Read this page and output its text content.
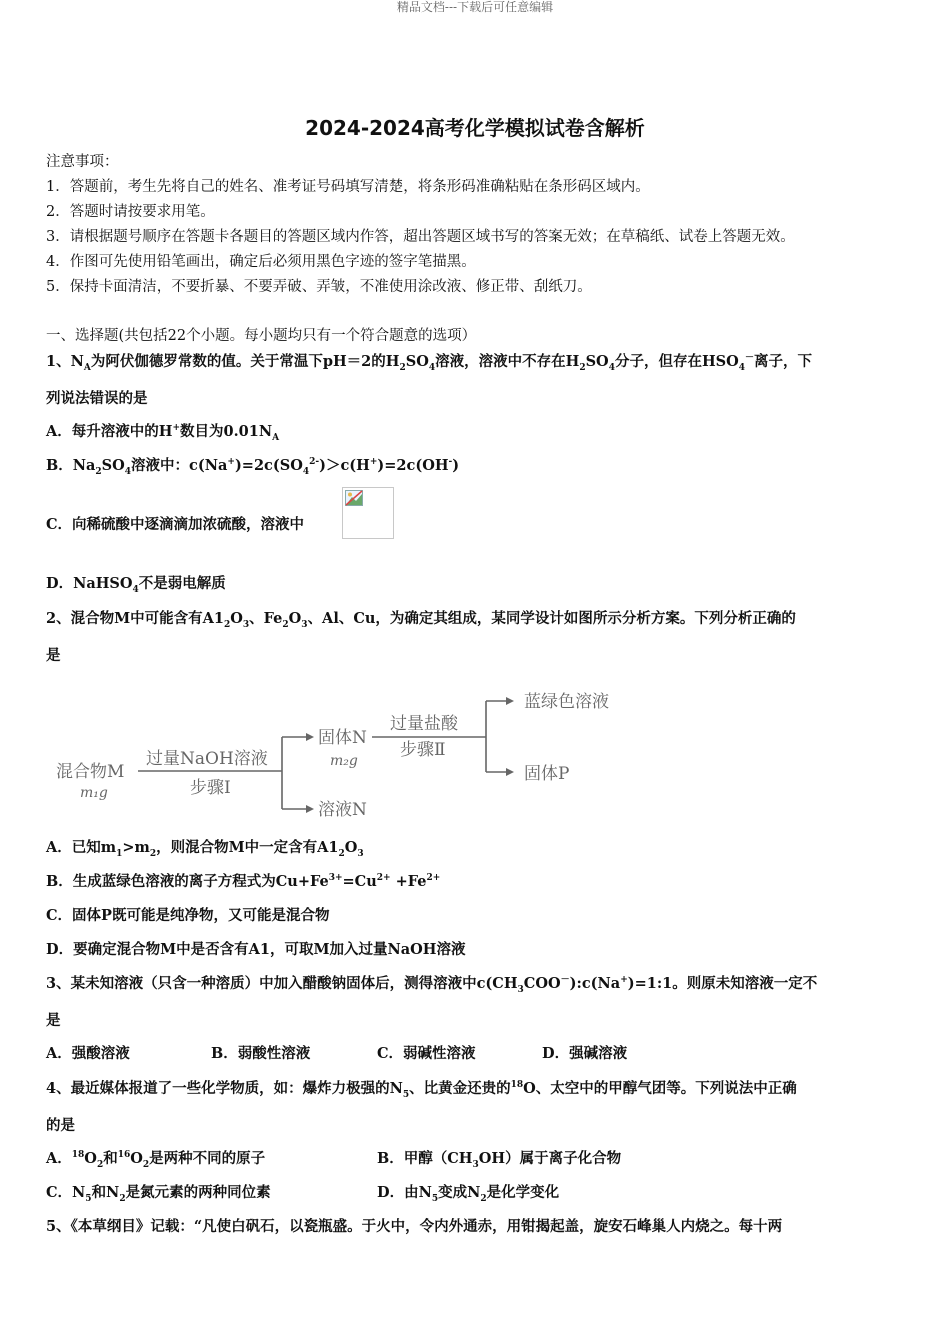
精品文档---下载后可任意编辑
2024-2024高考化学模拟试卷含解析
注意事项：
1．答题前，考生先将自己的姓名、准考证号码填写清楚，将条形码准确粘贴在条形码区域内。
2．答题时请按要求用笔。
3．请根据题号顺序在答题卡各题目的答题区域内作答，超出答题区域书写的答案无效；在草稿纸、试卷上答题无效。
4．作图可先使用铅笔画出，确定后必须用黑色字迹的签字笔描黑。
5．保持卡面清洁，不要折暴、不要弄破、弄皱，不准使用涂改液、修正带、刮纸刀。
一、选择题(共包括22个小题。每小题均只有一个符合题意的选项）
1、$N_A$为阿伏伽德罗常数的值。关于常温下pH＝2的$H_2SO_4$溶液，溶液中不存在$H_2SO_4$分子，但存在$HSO_4^-$离子，下
列说法错误的是
A．每升溶液中的H+数目为$0.01N_A$
B．$Na_2SO_4$溶液中：$c(Na^+)=2c(SO_4^{2-})>c(H^+)=2c(OH^-)$
C．向稀硫酸中逐滴滴加浓硫酸，溶液中
D．NaHSO$_4$不是弱电解质
2、混合物M中可能含有$A1_2O_3$、$Fe_2O_3$、Al、Cu，为确定其组成，某同学设计如图所示分析方案。下列分析正确的
是
混合物M
m₁g
过量NaOH溶液
步骤I
固体N
m₂g
溶液N
过量盐酸
步骤Ⅱ
蓝绿色溶液
固体P
A．已知$m_1>m_2$，则混合物M中一定含有$A1_2O_3$
B．生成蓝绿色溶液的离子方程式为$Cu+Fe^{3+}=Cu^{2+} +Fe^{2+}$
C．固体P既可能是纯净物，又可能是混合物
D．要确定混合物M中是否含有A1，可取M加入过量NaOH溶液
3、某未知溶液（只含一种溶质）中加入醋酸钠固体后，测得溶液中$c(CH_3COO^-):c(Na^+)=1:1$。则原未知溶液一定不
是
A．强酸溶液	B．弱酸性溶液	C．弱碱性溶液	D．强碱溶液
4、最近媒体报道了一些化学物质，如：爆炸力极强的$N_5$、比黄金还贵的$^{18}$O、太空中的甲醇气团等。下列说法中正确
的是
A．$^{18}O_2$和$^{16}O_2$是两种不同的原子	B．甲醇$(CH_3OH)$属于离子化合物
C．$N_5$和$N_2$是氮元素的两种同位素	D．由$N_5$变成$N_2$是化学变化
5、《本草纲目》记载：“凡使白矾石，以瓷瓶盛。于火中，令内外通赤，用钳揭起盖，旋安石峰巢人内烧之。每十两
